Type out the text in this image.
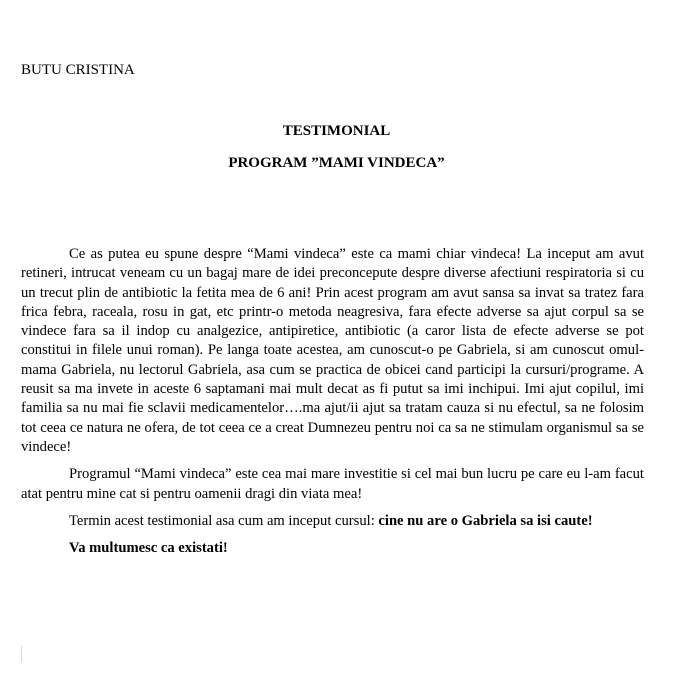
BUTU CRISTINA
TESTIMONIAL
PROGRAM ”MAMI VINDECA”

Ce as putea eu spune despre “Mami vindeca” este ca mami chiar vindeca! La inceput am avut retineri, intrucat veneam cu un bagaj mare de idei preconcepute despre diverse afectiuni respiratoria si cu un trecut plin de antibiotic la fetita mea de 6 ani! Prin acest program am avut sansa sa invat sa tratez fara frica febra, raceala, rosu in gat, etc printr-o metoda neagresiva, fara efecte adverse sa ajut corpul sa se vindece fara sa il indop cu analgezice, antipiretice, antibiotic (a caror lista de efecte adverse se pot constitui in filele unui roman). Pe langa toate acestea, am cunoscut-o pe Gabriela, si am cunoscut omul-mama Gabriela, nu lectorul Gabriela, asa cum se practica de obicei cand participi la cursuri/programe. A reusit sa ma invete in aceste 6 saptamani mai mult decat as fi putut sa imi inchipui. Imi ajut copilul, imi familia sa nu mai fie sclavii medicamentelor….ma ajut/ii ajut sa tratam cauza si nu efectul, sa ne folosim tot ceea ce natura ne ofera, de tot ceea ce a creat Dumnezeu pentru noi ca sa ne stimulam organismul sa se vindece!

Programul “Mami vindeca” este cea mai mare investitie si cel mai bun lucru pe care eu l-am facut atat pentru mine cat si pentru oamenii dragi din viata mea!

Termin acest testimonial asa cum am inceput cursul: cine nu are o Gabriela sa isi caute!

Va multumesc ca existati!
